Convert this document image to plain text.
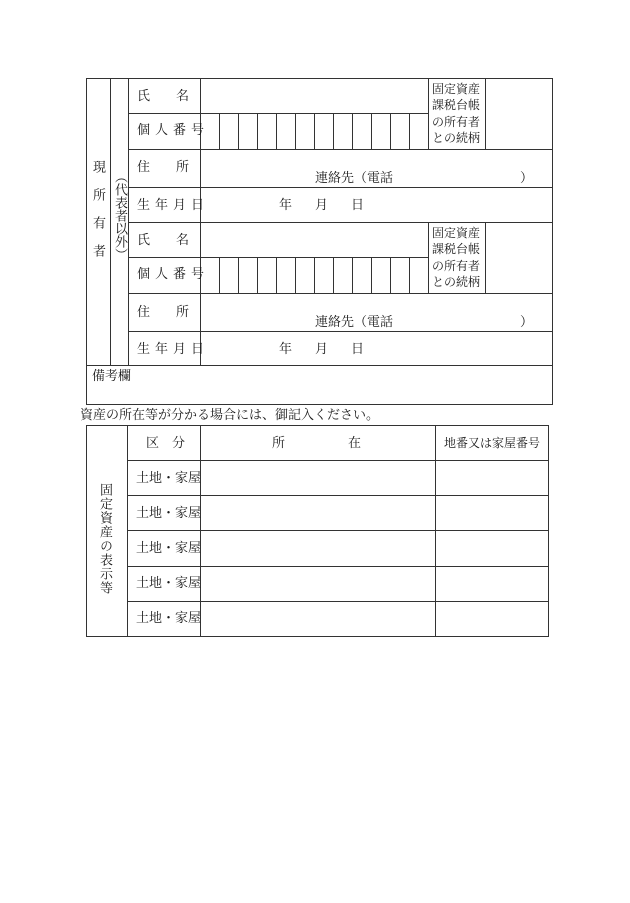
現所有者 （代表者以外）
氏　　名
個人番号
固定資産
課税台帳
の所有者
との続柄
住　　所
連絡先（電話	）
生年月日	年 月 日
氏　　名
個人番号
固定資産
課税台帳
の所有者
との続柄
住　　所
連絡先（電話	）
生年月日	年 月 日
備考欄
資産の所在等が分かる場合には、御記入ください。
固定資産の表示等
区　分	所	在	地番又は家屋番号
土地・家屋
土地・家屋
土地・家屋
土地・家屋
土地・家屋
